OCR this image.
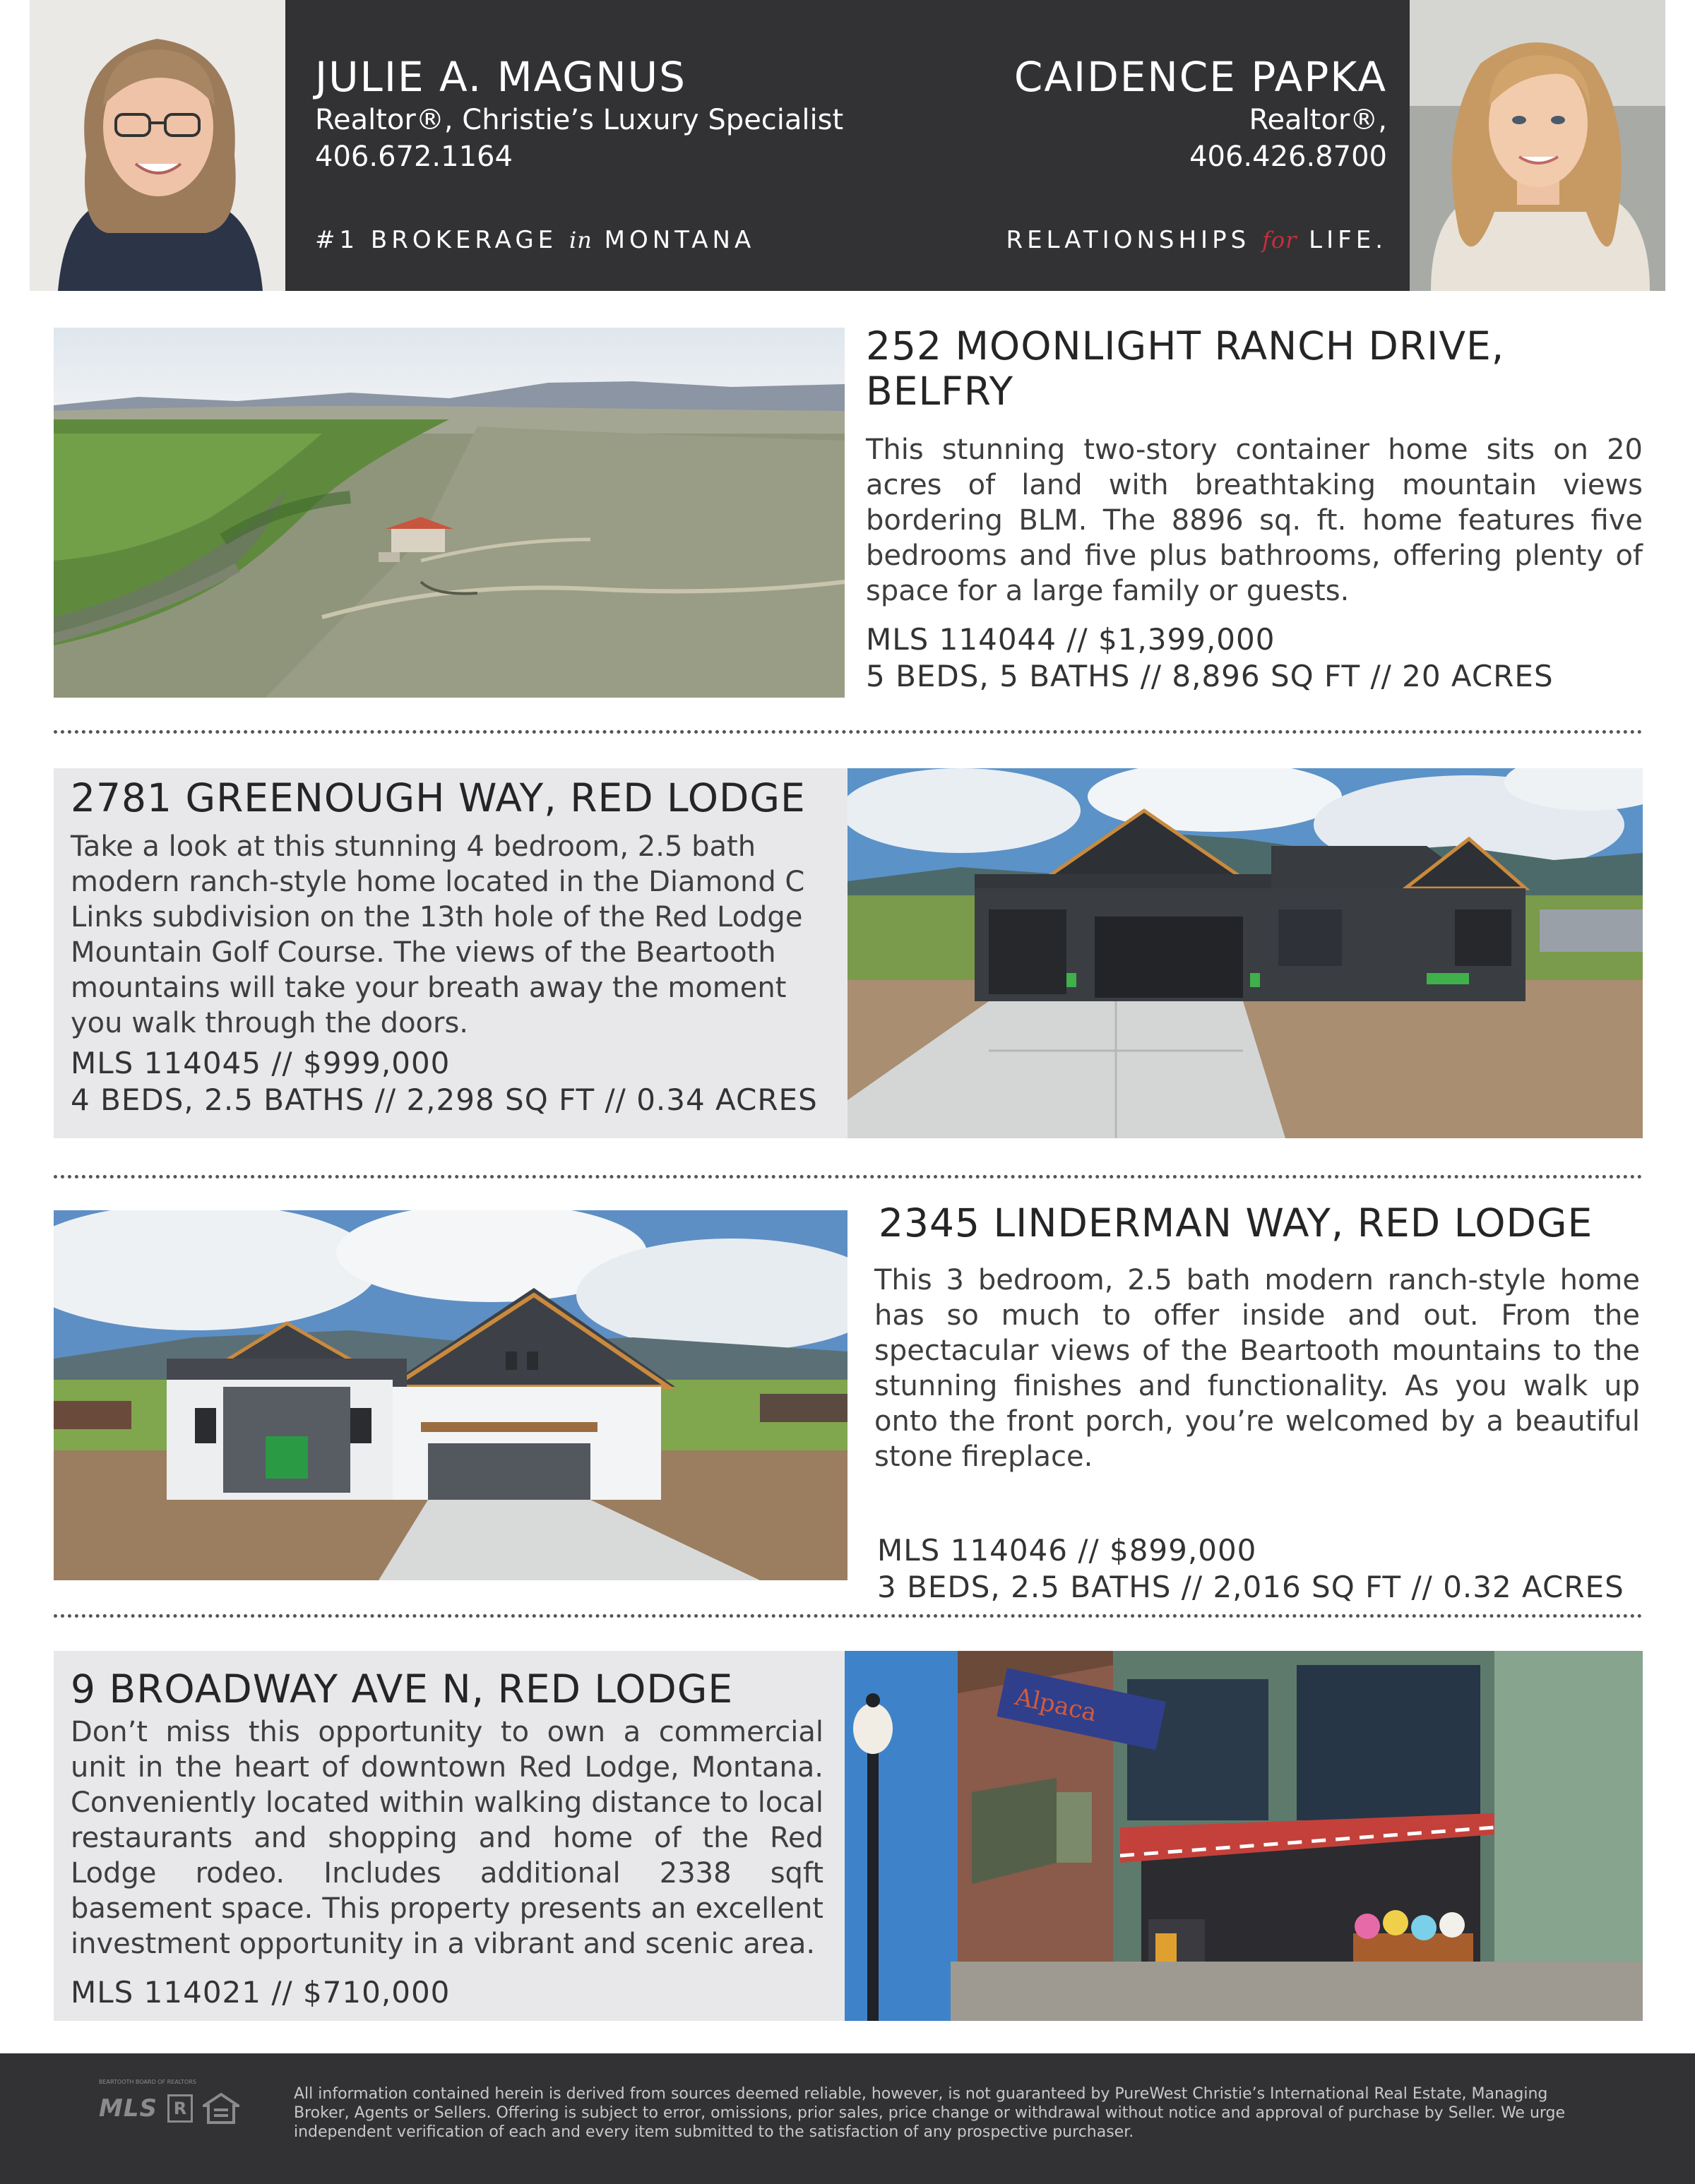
JULIE A. MAGNUS
Realtor®, Christie’s Luxury Specialist
406.672.1164
#1 BROKERAGE in MONTANA
CAIDENCE PAPKA
Realtor®,
406.426.8700
RELATIONSHIPS for LIFE.
252 MOONLIGHT RANCH DRIVE, BELFRY
This stunning two-story container home sits on 20 acres of land with breathtaking mountain views bordering BLM. The 8896 sq. ft. home features five bedrooms and five plus bathrooms, offering plenty of space for a large family or guests.
MLS 114044 // $1,399,000
5 BEDS, 5 BATHS // 8,896 SQ FT // 20 ACRES
2781 GREENOUGH WAY, RED LODGE
Take a look at this stunning 4 bedroom, 2.5 bath modern ranch-style home located in the Diamond C Links subdivision on the 13th hole of the Red Lodge Mountain Golf Course. The views of the Beartooth mountains will take your breath away the moment you walk through the doors.
MLS 114045 // $999,000
4 BEDS, 2.5 BATHS // 2,298 SQ FT // 0.34 ACRES
2345 LINDERMAN WAY, RED LODGE
This 3 bedroom, 2.5 bath modern ranch-style home has so much to offer inside and out. From the spectacular views of the Beartooth mountains to the stunning finishes and functionality. As you walk up onto the front porch, you’re welcomed by a beautiful stone fireplace.
MLS 114046 // $899,000
3 BEDS, 2.5 BATHS // 2,016 SQ FT // 0.32 ACRES
9 BROADWAY AVE N, RED LODGE
Don’t miss this opportunity to own a commercial unit in the heart of downtown Red Lodge, Montana. Conveniently located within walking distance to local restaurants and shopping and home of the Red Lodge rodeo. Includes additional 2338 sqft basement space. This property presents an excellent investment opportunity in a vibrant and scenic area.
MLS 114021 // $710,000
Alpaca
BEARTOOTH BOARD OF REALTORS
MLS R
All information contained herein is derived from sources deemed reliable, however, is not guaranteed by PureWest Christie’s International Real Estate, Managing Broker, Agents or Sellers. Offering is subject to error, omissions, prior sales, price change or withdrawal without notice and approval of purchase by Seller. We urge independent verification of each and every item submitted to the satisfaction of any prospective purchaser.
